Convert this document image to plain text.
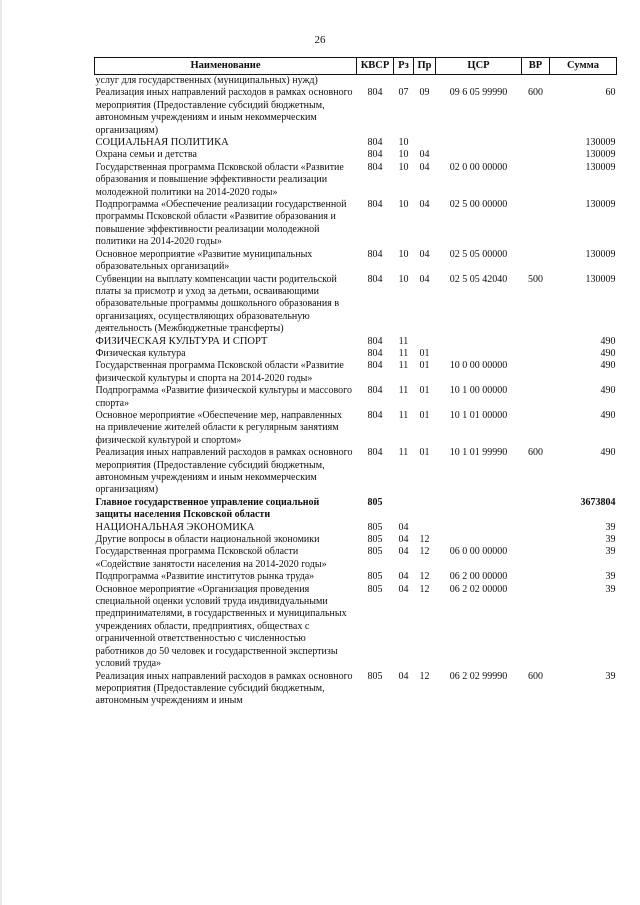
26
Наименование	КВСР	Рз	Пр	ЦСР	ВР	Сумма
услуг для государственных (муниципальных) нужд)						
Реализация иных направлений расходов в рамках основного мероприятия (Предоставление субсидий бюджетным, автономным учреждениям и иным некоммерческим организациям)	804	07	09	09 6 05 99990	600	60
СОЦИАЛЬНАЯ ПОЛИТИКА	804	10				130009
Охрана семьи и детства	804	10	04			130009
Государственная программа Псковской области «Развитие образования и повышение эффективности реализации молодежной политики на 2014-2020 годы»	804	10	04	02 0 00 00000		130009
Подпрограмма «Обеспечение реализации государственной программы Псковской области «Развитие образования и повышение эффективности реализации молодежной политики на 2014-2020 годы»	804	10	04	02 5 00 00000		130009
Основное мероприятие «Развитие муниципальных образовательных организаций»	804	10	04	02 5 05 00000		130009
Субвенции на выплату компенсации части родительской платы за присмотр и уход за детьми, осваивающими образовательные программы дошкольного образования в организациях, осуществляющих образовательную деятельность (Межбюджетные трансферты)	804	10	04	02 5 05 42040	500	130009
ФИЗИЧЕСКАЯ КУЛЬТУРА И СПОРТ	804	11				490
Физическая культура	804	11	01			490
Государственная программа Псковской области «Развитие физической культуры и спорта на 2014-2020 годы»	804	11	01	10 0 00 00000		490
Подпрограмма «Развитие физической культуры и массового спорта»	804	11	01	10 1 00 00000		490
Основное мероприятие «Обеспечение мер, направленных на привлечение жителей области к регулярным занятиям физической культурой и спортом»	804	11	01	10 1 01 00000		490
Реализация иных направлений расходов в рамках основного мероприятия (Предоставление субсидий бюджетным, автономным учреждениям и иным некоммерческим организациям)	804	11	01	10 1 01 99990	600	490
Главное государственное управление социальной защиты населения Псковской области	805					3673804
НАЦИОНАЛЬНАЯ ЭКОНОМИКА	805	04				39
Другие вопросы в области национальной экономики	805	04	12			39
Государственная программа Псковской области «Содействие занятости населения на 2014-2020 годы»	805	04	12	06 0 00 00000		39
Подпрограмма «Развитие институтов рынка труда»	805	04	12	06 2 00 00000		39
Основное мероприятие «Организация проведения специальной оценки условий труда индивидуальными предпринимателями, в государственных и муниципальных учреждениях области, предприятиях, обществах с ограниченной ответственностью с численностью работников до 50 человек и государственной экспертизы условий труда»	805	04	12	06 2 02 00000		39
Реализация иных направлений расходов в рамках основного мероприятия (Предоставление субсидий бюджетным, автономным учреждениям и иным	805	04	12	06 2 02 99990	600	39
